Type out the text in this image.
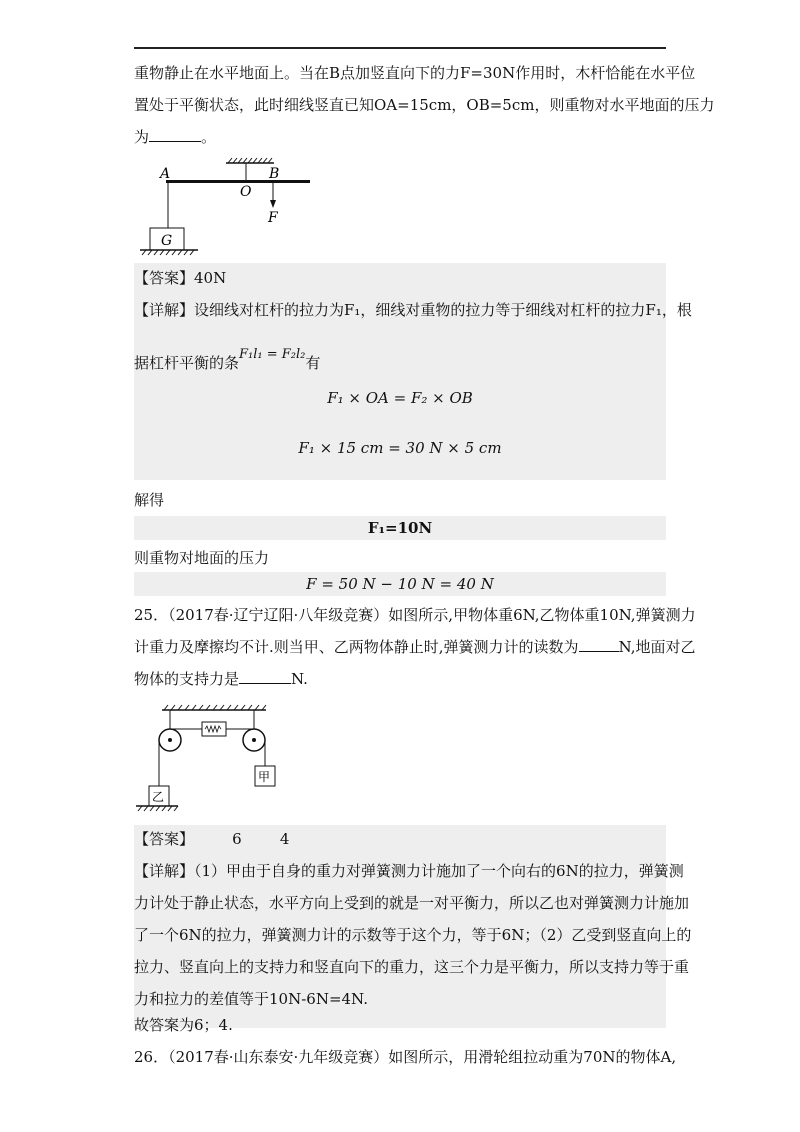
重物静止在水平地面上。当在B点加竖直向下的力F=30N作用时，木杆恰能在水平位
置处于平衡状态，此时细线竖直已知OA=15cm，OB=5cm，则重物对水平地面的压力
为	。
A
O
B
F
G
【答案】40N
【详解】设细线对杠杆的拉力为F₁，细线对重物的拉力等于细线对杠杆的拉力F₁，根
据杠杆平衡的条F₁l₁ = F₂l₂有
F₁ × OA = F₂ × OB
F₁ × 15 cm = 30 N × 5 cm
解得
F₁=10N
则重物对地面的压力
F = 50 N − 10 N = 40 N
25．（2017春·辽宁辽阳·八年级竞赛）如图所示,甲物体重6N,乙物体重10N,弹簧测力
计重力及摩擦均不计.则当甲、乙两物体静止时,弹簧测力计的读数为	N,地面对乙
物体的支持力是	N.
甲
乙
【答案】        6        4
【详解】（1）甲由于自身的重力对弹簧测力计施加了一个向右的6N的拉力，弹簧测
力计处于静止状态，水平方向上受到的就是一对平衡力，所以乙也对弹簧测力计施加
了一个6N的拉力，弹簧测力计的示数等于这个力，等于6N；（2）乙受到竖直向上的
拉力、竖直向上的支持力和竖直向下的重力，这三个力是平衡力，所以支持力等于重
力和拉力的差值等于10N-6N=4N.
故答案为6；4.
26．（2017春·山东泰安·九年级竞赛）如图所示，用滑轮组拉动重为70N的物体A,
